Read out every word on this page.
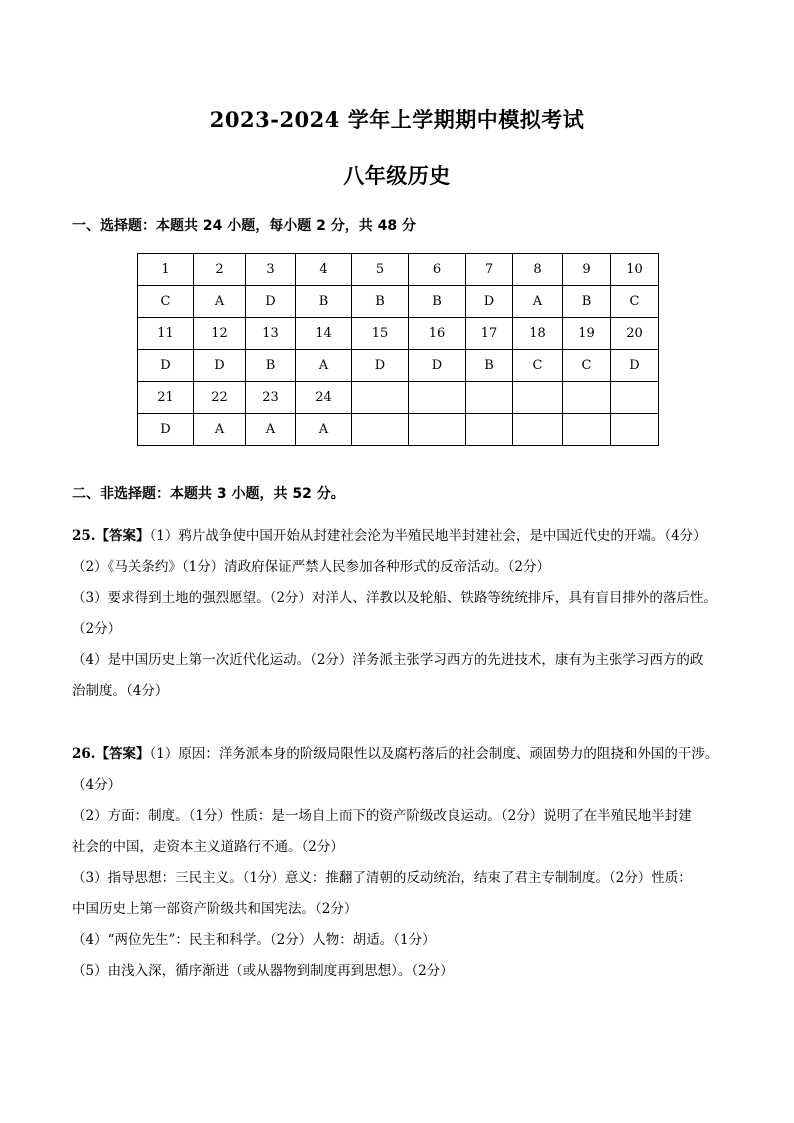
2023-2024 学年上学期期中模拟考试
八年级历史
一、选择题：本题共 24 小题，每小题 2 分，共 48 分
1	2	3	4	5	6	7	8	9	10
C	A	D	B	B	B	D	A	B	C
11	12	13	14	15	16	17	18	19	20
D	D	B	A	D	D	B	C	C	D
21	22	23	24						
D	A	A	A						
二、非选择题：本题共 3 小题，共 52 分。

25.【答案】（1）鸦片战争使中国开始从封建社会沦为半殖民地半封建社会，是中国近代史的开端。（4分）

（2）《马关条约》（1分）清政府保证严禁人民参加各种形式的反帝活动。（2分）

（3）要求得到土地的强烈愿望。（2分）对洋人、洋教以及轮船、铁路等统统排斥，具有盲目排外的落后性。

（2分）

（4）是中国历史上第一次近代化运动。（2分）洋务派主张学习西方的先进技术，康有为主张学习西方的政

治制度。（4分）

26.【答案】（1）原因：洋务派本身的阶级局限性以及腐朽落后的社会制度、顽固势力的阻挠和外国的干涉。

（4分）

（2）方面：制度。（1分）性质：是一场自上而下的资产阶级改良运动。（2分）说明了在半殖民地半封建

社会的中国，走资本主义道路行不通。（2分）

（3）指导思想：三民主义。（1分）意义：推翻了清朝的反动统治，结束了君主专制制度。（2分）性质：

中国历史上第一部资产阶级共和国宪法。（2分）

（4）“两位先生”：民主和科学。（2分）人物：胡适。（1分）

（5）由浅入深，循序渐进（或从器物到制度再到思想）。（2分）
